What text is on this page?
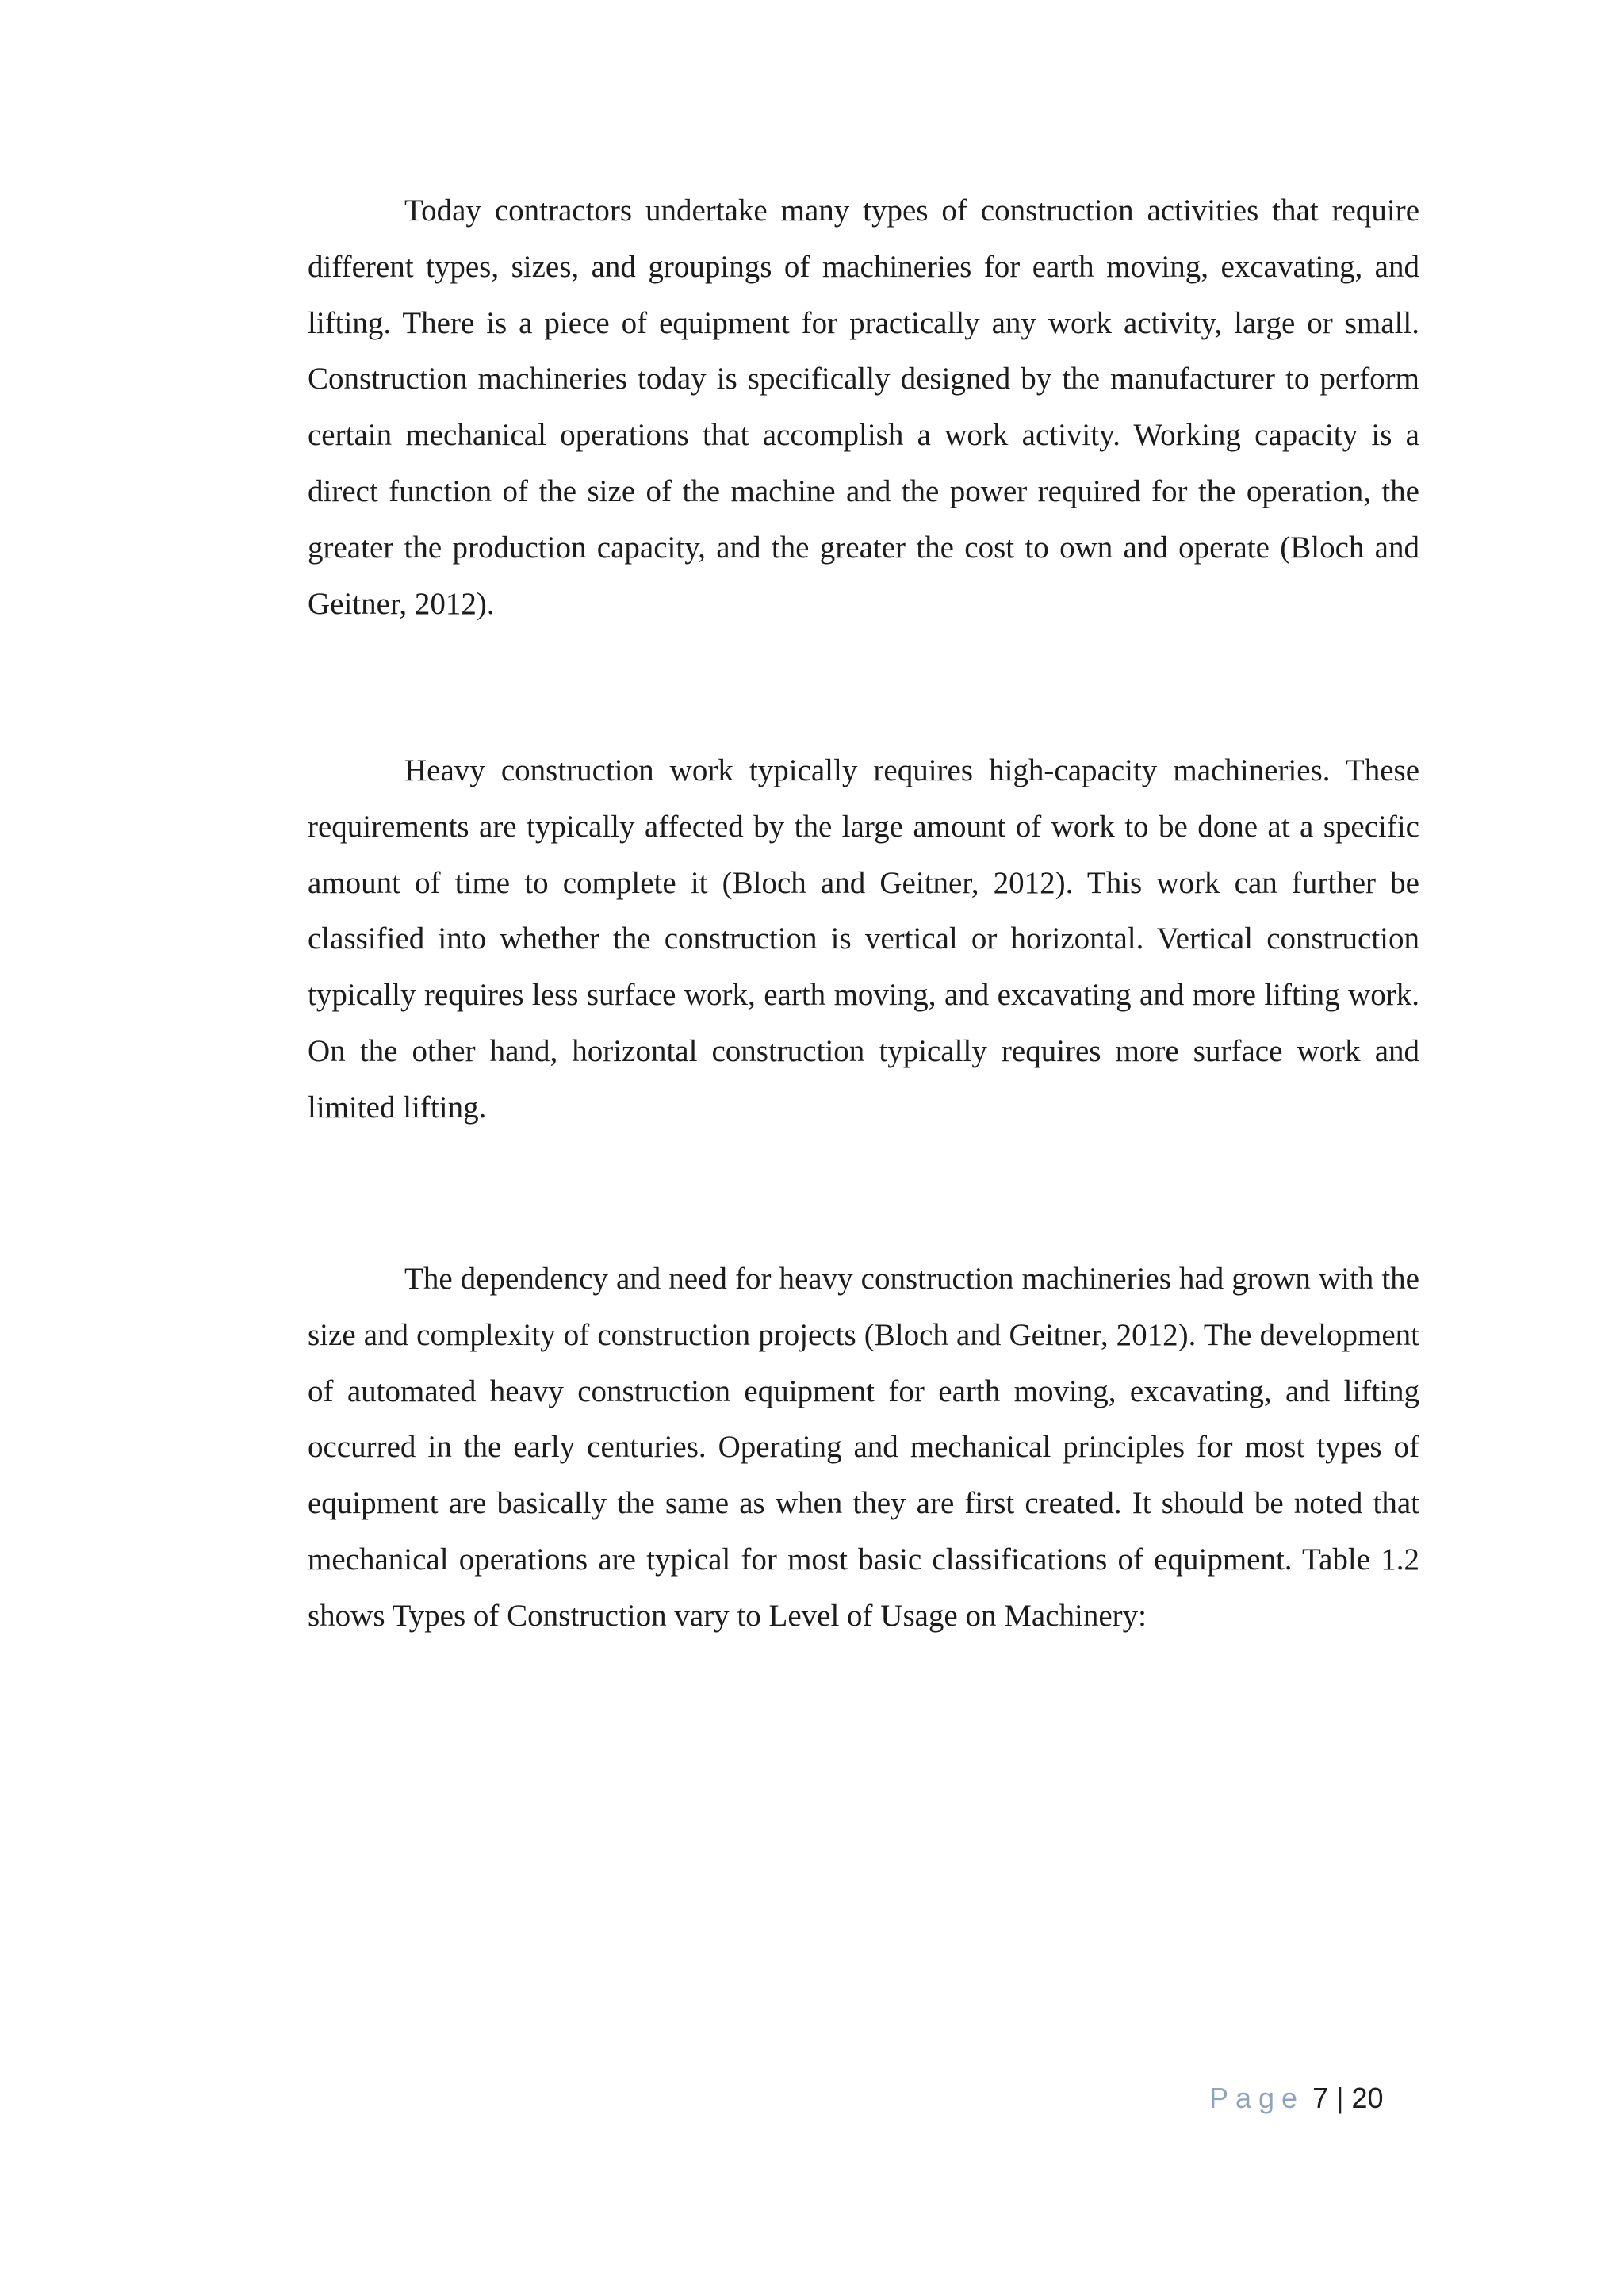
Today contractors undertake many types of construction activities that require different types, sizes, and groupings of machineries for earth moving, excavating, and lifting. There is a piece of equipment for practically any work activity, large or small. Construction machineries today is specifically designed by the manufacturer to perform certain mechanical operations that accomplish a work activity. Working capacity is a direct function of the size of the machine and the power required for the operation, the greater the production capacity, and the greater the cost to own and operate (Bloch and Geitner, 2012).

Heavy construction work typically requires high-capacity machineries. These requirements are typically affected by the large amount of work to be done at a specific amount of time to complete it (Bloch and Geitner, 2012). This work can further be classified into whether the construction is vertical or horizontal. Vertical construction typically requires less surface work, earth moving, and excavating and more lifting work. On the other hand, horizontal construction typically requires more surface work and limited lifting.

The dependency and need for heavy construction machineries had grown with the size and complexity of construction projects (Bloch and Geitner, 2012). The development of automated heavy construction equipment for earth moving, excavating, and lifting occurred in the early centuries. Operating and mechanical principles for most types of equipment are basically the same as when they are first created. It should be noted that mechanical operations are typical for most basic classifications of equipment. Table 1.2 shows Types of Construction vary to Level of Usage on Machinery:

Page 7 | 20
